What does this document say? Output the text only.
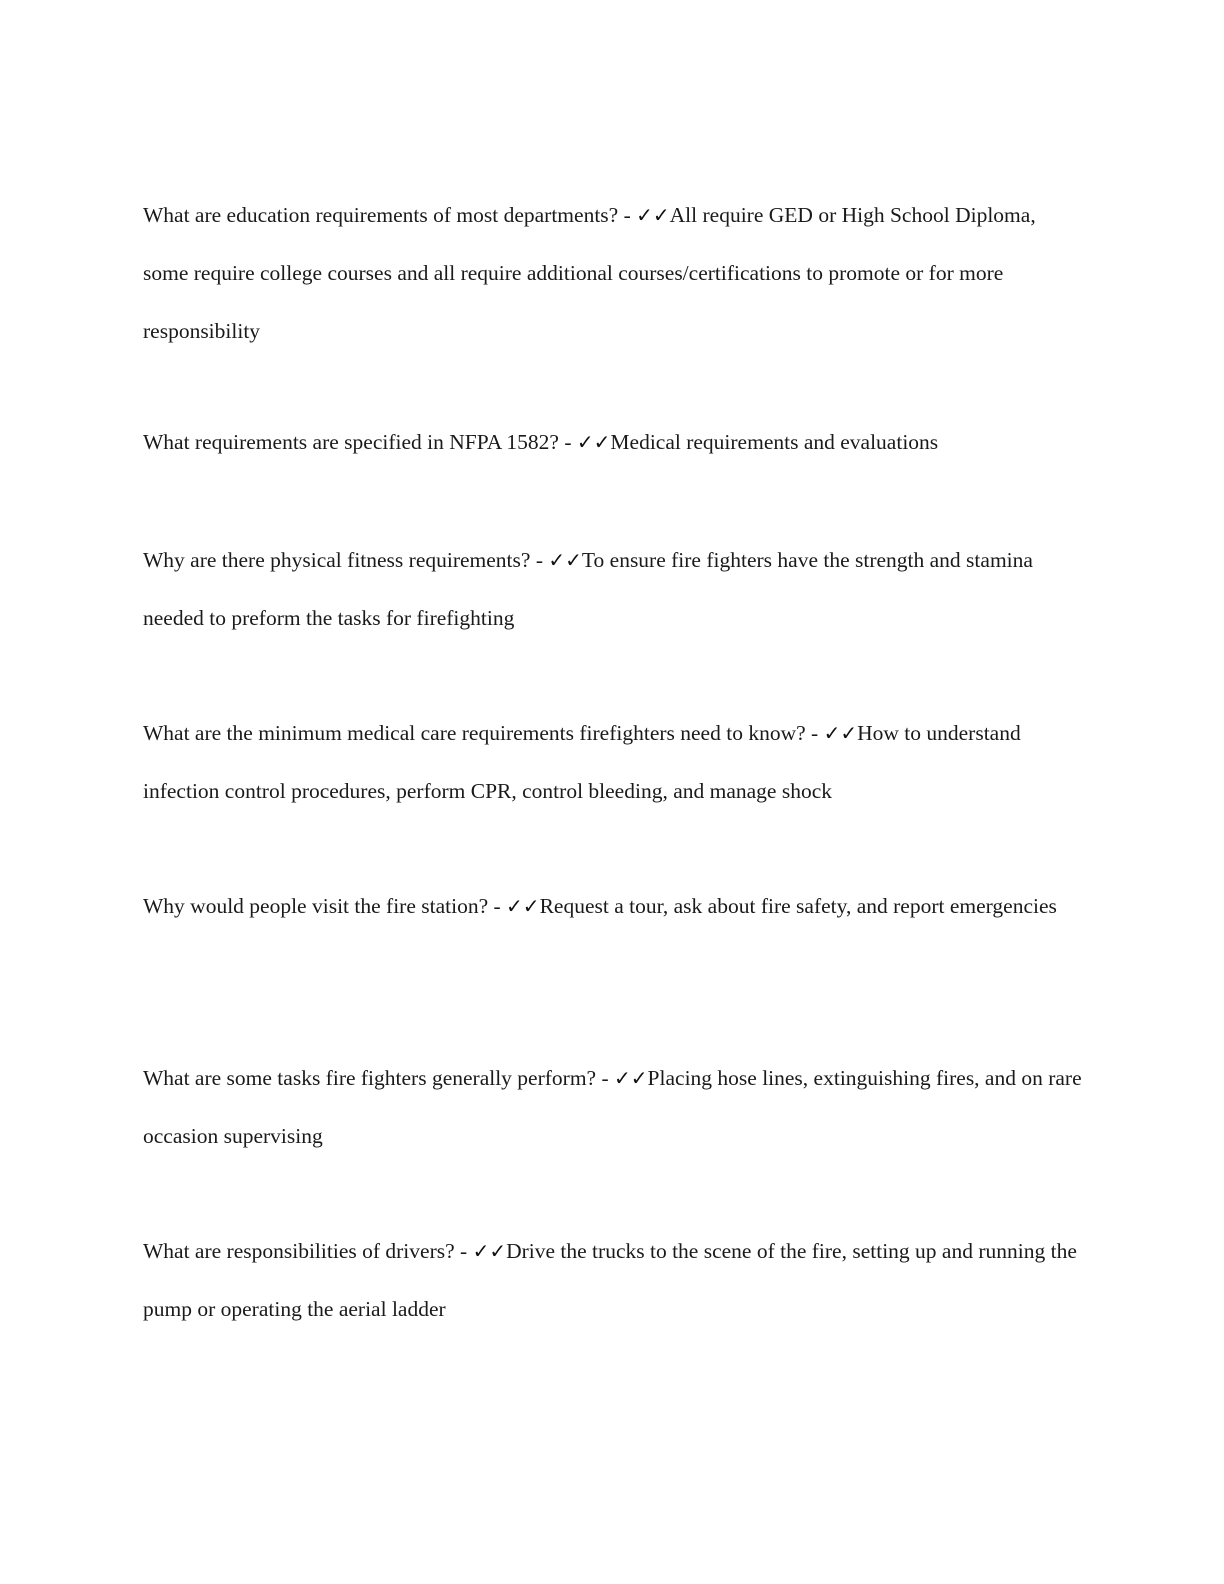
What are education requirements of most departments? - ✓✓All require GED or High School Diploma, some require college courses and all require additional courses/certifications to promote or for more responsibility

What requirements are specified in NFPA 1582? - ✓✓Medical requirements and evaluations

Why are there physical fitness requirements? - ✓✓To ensure fire fighters have the strength and stamina needed to preform the tasks for firefighting

What are the minimum medical care requirements firefighters need to know? - ✓✓How to understand infection control procedures, perform CPR, control bleeding, and manage shock

Why would people visit the fire station? - ✓✓Request a tour, ask about fire safety, and report emergencies

What are some tasks fire fighters generally perform? - ✓✓Placing hose lines, extinguishing fires, and on rare occasion supervising

What are responsibilities of drivers? - ✓✓Drive the trucks to the scene of the fire, setting up and running the pump or operating the aerial ladder
